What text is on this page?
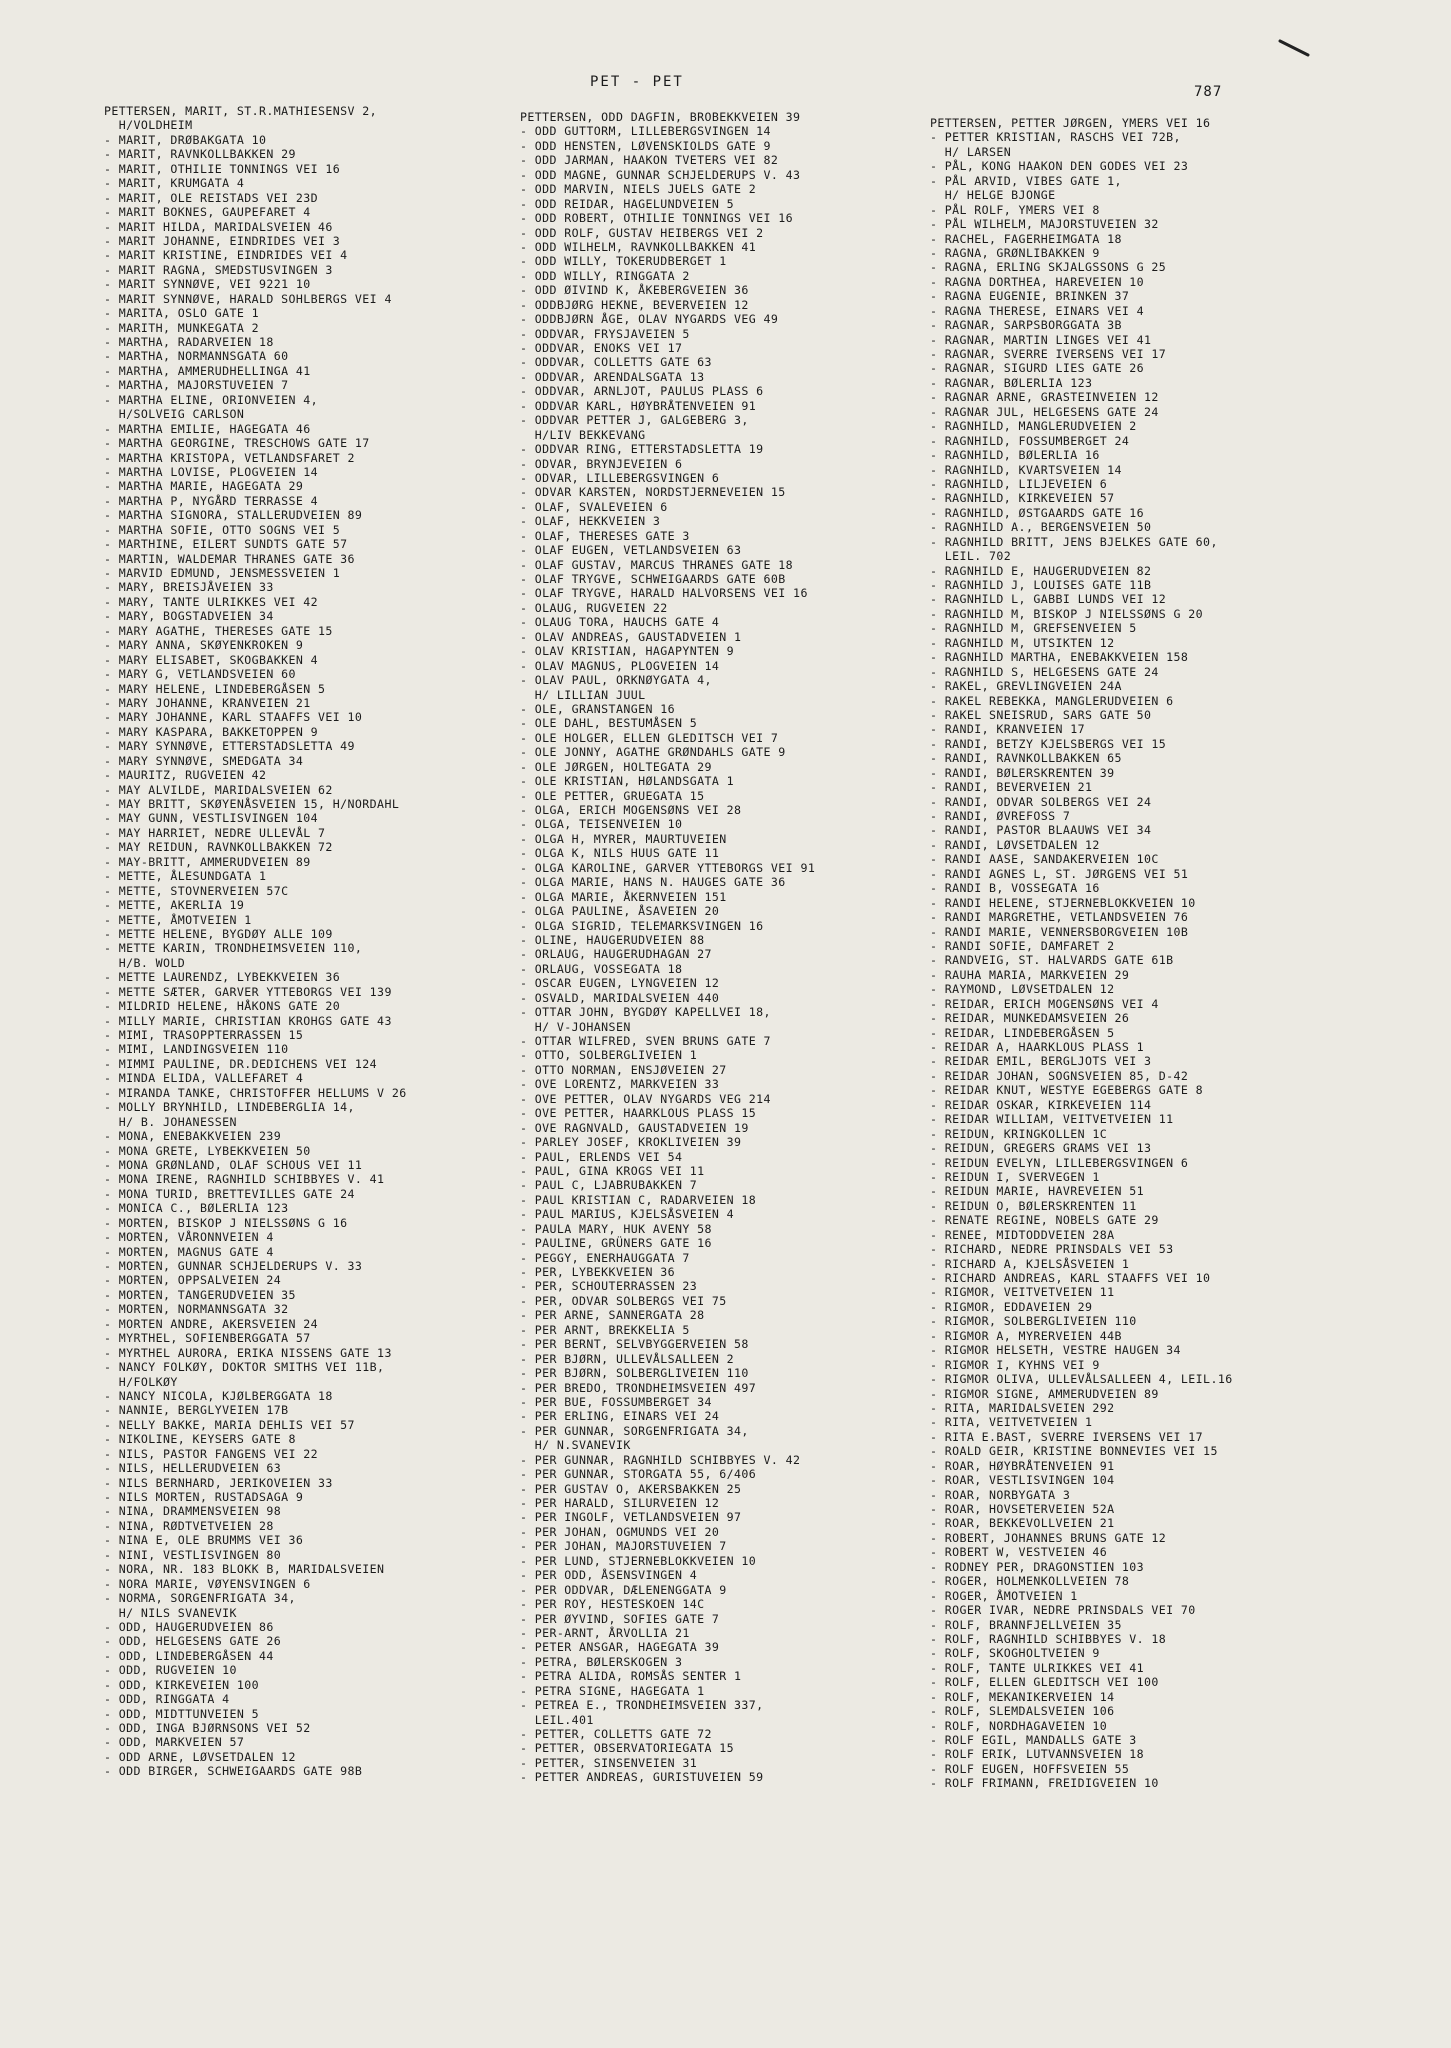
PET - PET
787
PETTERSEN, MARIT, ST.R.MATHIESENSV 2,
H/VOLDHEIM
- MARIT, DRØBAKGATA 10
- MARIT, RAVNKOLLBAKKEN 29
- MARIT, OTHILIE TONNINGS VEI 16
- MARIT, KRUMGATA 4
- MARIT, OLE REISTADS VEI 23D
- MARIT BOKNES, GAUPEFARET 4
- MARIT HILDA, MARIDALSVEIEN 46
- MARIT JOHANNE, EINDRIDES VEI 3
- MARIT KRISTINE, EINDRIDES VEI 4
- MARIT RAGNA, SMEDSTUSVINGEN 3
- MARIT SYNNØVE, VEI 9221 10
- MARIT SYNNØVE, HARALD SOHLBERGS VEI 4
- MARITA, OSLO GATE 1
- MARITH, MUNKEGATA 2
- MARTHA, RADARVEIEN 18
- MARTHA, NORMANNSGATA 60
- MARTHA, AMMERUDHELLINGA 41
- MARTHA, MAJORSTUVEIEN 7
- MARTHA ELINE, ORIONVEIEN 4,
H/SOLVEIG CARLSON
- MARTHA EMILIE, HAGEGATA 46
- MARTHA GEORGINE, TRESCHOWS GATE 17
- MARTHA KRISTOPA, VETLANDSFARET 2
- MARTHA LOVISE, PLOGVEIEN 14
- MARTHA MARIE, HAGEGATA 29
- MARTHA P, NYGÅRD TERRASSE 4
- MARTHA SIGNORA, STALLERUDVEIEN 89
- MARTHA SOFIE, OTTO SOGNS VEI 5
- MARTHINE, EILERT SUNDTS GATE 57
- MARTIN, WALDEMAR THRANES GATE 36
- MARVID EDMUND, JENSMESSVEIEN 1
- MARY, BREISJÅVEIEN 33
- MARY, TANTE ULRIKKES VEI 42
- MARY, BOGSTADVEIEN 34
- MARY AGATHE, THERESES GATE 15
- MARY ANNA, SKØYENKROKEN 9
- MARY ELISABET, SKOGBAKKEN 4
- MARY G, VETLANDSVEIEN 60
- MARY HELENE, LINDEBERGÅSEN 5
- MARY JOHANNE, KRANVEIEN 21
- MARY JOHANNE, KARL STAAFFS VEI 10
- MARY KASPARA, BAKKETOPPEN 9
- MARY SYNNØVE, ETTERSTADSLETTA 49
- MARY SYNNØVE, SMEDGATA 34
- MAURITZ, RUGVEIEN 42
- MAY ALVILDE, MARIDALSVEIEN 62
- MAY BRITT, SKØYENÅSVEIEN 15, H/NORDAHL
- MAY GUNN, VESTLISVINGEN 104
- MAY HARRIET, NEDRE ULLEVÅL 7
- MAY REIDUN, RAVNKOLLBAKKEN 72
- MAY-BRITT, AMMERUDVEIEN 89
- METTE, ÅLESUNDGATA 1
- METTE, STOVNERVEIEN 57C
- METTE, AKERLIA 19
- METTE, ÅMOTVEIEN 1
- METTE HELENE, BYGDØY ALLE 109
- METTE KARIN, TRONDHEIMSVEIEN 110,
H/B. WOLD
- METTE LAURENDZ, LYBEKKVEIEN 36
- METTE SÆTER, GARVER YTTEBORGS VEI 139
- MILDRID HELENE, HÅKONS GATE 20
- MILLY MARIE, CHRISTIAN KROHGS GATE 43
- MIMI, TRASOPPTERRASSEN 15
- MIMI, LANDINGSVEIEN 110
- MIMMI PAULINE, DR.DEDICHENS VEI 124
- MINDA ELIDA, VALLEFARET 4
- MIRANDA TANKE, CHRISTOFFER HELLUMS V 26
- MOLLY BRYNHILD, LINDEBERGLIA 14,
H/ B. JOHANESSEN
- MONA, ENEBAKKVEIEN 239
- MONA GRETE, LYBEKKVEIEN 50
- MONA GRØNLAND, OLAF SCHOUS VEI 11
- MONA IRENE, RAGNHILD SCHIBBYES V. 41
- MONA TURID, BRETTEVILLES GATE 24
- MONICA C., BØLERLIA 123
- MORTEN, BISKOP J NIELSSØNS G 16
- MORTEN, VÅRONNVEIEN 4
- MORTEN, MAGNUS GATE 4
- MORTEN, GUNNAR SCHJELDERUPS V. 33
- MORTEN, OPPSALVEIEN 24
- MORTEN, TANGERUDVEIEN 35
- MORTEN, NORMANNSGATA 32
- MORTEN ANDRE, AKERSVEIEN 24
- MYRTHEL, SOFIENBERGGATA 57
- MYRTHEL AURORA, ERIKA NISSENS GATE 13
- NANCY FOLKØY, DOKTOR SMITHS VEI 11B,
H/FOLKØY
- NANCY NICOLA, KJØLBERGGATA 18
- NANNIE, BERGLYVEIEN 17B
- NELLY BAKKE, MARIA DEHLIS VEI 57
- NIKOLINE, KEYSERS GATE 8
- NILS, PASTOR FANGENS VEI 22
- NILS, HELLERUDVEIEN 63
- NILS BERNHARD, JERIKOVEIEN 33
- NILS MORTEN, RUSTADSAGA 9
- NINA, DRAMMENSVEIEN 98
- NINA, RØDTVETVEIEN 28
- NINA E, OLE BRUMMS VEI 36
- NINI, VESTLISVINGEN 80
- NORA, NR. 183 BLOKK B, MARIDALSVEIEN
- NORA MARIE, VØYENSVINGEN 6
- NORMA, SORGENFRIGATA 34,
H/ NILS SVANEVIK
- ODD, HAUGERUDVEIEN 86
- ODD, HELGESENS GATE 26
- ODD, LINDEBERGÅSEN 44
- ODD, RUGVEIEN 10
- ODD, KIRKEVEIEN 100
- ODD, RINGGATA 4
- ODD, MIDTTUNVEIEN 5
- ODD, INGA BJØRNSONS VEI 52
- ODD, MARKVEIEN 57
- ODD ARNE, LØVSETDALEN 12
- ODD BIRGER, SCHWEIGAARDS GATE 98B
PETTERSEN, ODD DAGFIN, BROBEKKVEIEN 39
- ODD GUTTORM, LILLEBERGSVINGEN 14
- ODD HENSTEN, LØVENSKIOLDS GATE 9
- ODD JARMAN, HAAKON TVETERS VEI 82
- ODD MAGNE, GUNNAR SCHJELDERUPS V. 43
- ODD MARVIN, NIELS JUELS GATE 2
- ODD REIDAR, HAGELUNDVEIEN 5
- ODD ROBERT, OTHILIE TONNINGS VEI 16
- ODD ROLF, GUSTAV HEIBERGS VEI 2
- ODD WILHELM, RAVNKOLLBAKKEN 41
- ODD WILLY, TOKERUDBERGET 1
- ODD WILLY, RINGGATA 2
- ODD ØIVIND K, ÅKEBERGVEIEN 36
- ODDBJØRG HEKNE, BEVERVEIEN 12
- ODDBJØRN ÅGE, OLAV NYGARDS VEG 49
- ODDVAR, FRYSJAVEIEN 5
- ODDVAR, ENOKS VEI 17
- ODDVAR, COLLETTS GATE 63
- ODDVAR, ARENDALSGATA 13
- ODDVAR, ARNLJOT, PAULUS PLASS 6
- ODDVAR KARL, HØYBRÅTENVEIEN 91
- ODDVAR PETTER J, GALGEBERG 3,
H/LIV BEKKEVANG
- ODDVAR RING, ETTERSTADSLETTA 19
- ODVAR, BRYNJEVEIEN 6
- ODVAR, LILLEBERGSVINGEN 6
- ODVAR KARSTEN, NORDSTJERNEVEIEN 15
- OLAF, SVALEVEIEN 6
- OLAF, HEKKVEIEN 3
- OLAF, THERESES GATE 3
- OLAF EUGEN, VETLANDSVEIEN 63
- OLAF GUSTAV, MARCUS THRANES GATE 18
- OLAF TRYGVE, SCHWEIGAARDS GATE 60B
- OLAF TRYGVE, HARALD HALVORSENS VEI 16
- OLAUG, RUGVEIEN 22
- OLAUG TORA, HAUCHS GATE 4
- OLAV ANDREAS, GAUSTADVEIEN 1
- OLAV KRISTIAN, HAGAPYNTEN 9
- OLAV MAGNUS, PLOGVEIEN 14
- OLAV PAUL, ORKNØYGATA 4,
H/ LILLIAN JUUL
- OLE, GRANSTANGEN 16
- OLE DAHL, BESTUMÅSEN 5
- OLE HOLGER, ELLEN GLEDITSCH VEI 7
- OLE JONNY, AGATHE GRØNDAHLS GATE 9
- OLE JØRGEN, HOLTEGATA 29
- OLE KRISTIAN, HØLANDSGATA 1
- OLE PETTER, GRUEGATA 15
- OLGA, ERICH MOGENSØNS VEI 28
- OLGA, TEISENVEIEN 10
- OLGA H, MYRER, MAURTUVEIEN
- OLGA K, NILS HUUS GATE 11
- OLGA KAROLINE, GARVER YTTEBORGS VEI 91
- OLGA MARIE, HANS N. HAUGES GATE 36
- OLGA MARIE, ÅKERNVEIEN 151
- OLGA PAULINE, ÅSAVEIEN 20
- OLGA SIGRID, TELEMARKSVINGEN 16
- OLINE, HAUGERUDVEIEN 88
- ORLAUG, HAUGERUDHAGAN 27
- ORLAUG, VOSSEGATA 18
- OSCAR EUGEN, LYNGVEIEN 12
- OSVALD, MARIDALSVEIEN 440
- OTTAR JOHN, BYGDØY KAPELLVEI 18,
H/ V-JOHANSEN
- OTTAR WILFRED, SVEN BRUNS GATE 7
- OTTO, SOLBERGLIVEIEN 1
- OTTO NORMAN, ENSJØVEIEN 27
- OVE LORENTZ, MARKVEIEN 33
- OVE PETTER, OLAV NYGARDS VEG 214
- OVE PETTER, HAARKLOUS PLASS 15
- OVE RAGNVALD, GAUSTADVEIEN 19
- PARLEY JOSEF, KROKLIVEIEN 39
- PAUL, ERLENDS VEI 54
- PAUL, GINA KROGS VEI 11
- PAUL C, LJABRUBAKKEN 7
- PAUL KRISTIAN C, RADARVEIEN 18
- PAUL MARIUS, KJELSÅSVEIEN 4
- PAULA MARY, HUK AVENY 58
- PAULINE, GRÜNERS GATE 16
- PEGGY, ENERHAUGGATA 7
- PER, LYBEKKVEIEN 36
- PER, SCHOUTERRASSEN 23
- PER, ODVAR SOLBERGS VEI 75
- PER ARNE, SANNERGATA 28
- PER ARNT, BREKKELIA 5
- PER BERNT, SELVBYGGERVEIEN 58
- PER BJØRN, ULLEVÅLSALLEEN 2
- PER BJØRN, SOLBERGLIVEIEN 110
- PER BREDO, TRONDHEIMSVEIEN 497
- PER BUE, FOSSUMBERGET 34
- PER ERLING, EINARS VEI 24
- PER GUNNAR, SORGENFRIGATA 34,
H/ N.SVANEVIK
- PER GUNNAR, RAGNHILD SCHIBBYES V. 42
- PER GUNNAR, STORGATA 55, 6/406
- PER GUSTAV O, AKERSBAKKEN 25
- PER HARALD, SILURVEIEN 12
- PER INGOLF, VETLANDSVEIEN 97
- PER JOHAN, OGMUNDS VEI 20
- PER JOHAN, MAJORSTUVEIEN 7
- PER LUND, STJERNEBLOKKVEIEN 10
- PER ODD, ÅSENSVINGEN 4
- PER ODDVAR, DÆLENENGGATA 9
- PER ROY, HESTESKOEN 14C
- PER ØYVIND, SOFIES GATE 7
- PER-ARNT, ÅRVOLLIA 21
- PETER ANSGAR, HAGEGATA 39
- PETRA, BØLERSKOGEN 3
- PETRA ALIDA, ROMSÅS SENTER 1
- PETRA SIGNE, HAGEGATA 1
- PETREA E., TRONDHEIMSVEIEN 337,
LEIL.401
- PETTER, COLLETTS GATE 72
- PETTER, OBSERVATORIEGATA 15
- PETTER, SINSENVEIEN 31
- PETTER ANDREAS, GURISTUVEIEN 59
PETTERSEN, PETTER JØRGEN, YMERS VEI 16
- PETTER KRISTIAN, RASCHS VEI 72B,
H/ LARSEN
- PÅL, KONG HAAKON DEN GODES VEI 23
- PÅL ARVID, VIBES GATE 1,
H/ HELGE BJONGE
- PÅL ROLF, YMERS VEI 8
- PÅL WILHELM, MAJORSTUVEIEN 32
- RACHEL, FAGERHEIMGATA 18
- RAGNA, GRØNLIBAKKEN 9
- RAGNA, ERLING SKJALGSSONS G 25
- RAGNA DORTHEA, HAREVEIEN 10
- RAGNA EUGENIE, BRINKEN 37
- RAGNA THERESE, EINARS VEI 4
- RAGNAR, SARPSBORGGATA 3B
- RAGNAR, MARTIN LINGES VEI 41
- RAGNAR, SVERRE IVERSENS VEI 17
- RAGNAR, SIGURD LIES GATE 26
- RAGNAR, BØLERLIA 123
- RAGNAR ARNE, GRASTEINVEIEN 12
- RAGNAR JUL, HELGESENS GATE 24
- RAGNHILD, MANGLERUDVEIEN 2
- RAGNHILD, FOSSUMBERGET 24
- RAGNHILD, BØLERLIA 16
- RAGNHILD, KVARTSVEIEN 14
- RAGNHILD, LILJEVEIEN 6
- RAGNHILD, KIRKEVEIEN 57
- RAGNHILD, ØSTGAARDS GATE 16
- RAGNHILD A., BERGENSVEIEN 50
- RAGNHILD BRITT, JENS BJELKES GATE 60,
LEIL. 702
- RAGNHILD E, HAUGERUDVEIEN 82
- RAGNHILD J, LOUISES GATE 11B
- RAGNHILD L, GABBI LUNDS VEI 12
- RAGNHILD M, BISKOP J NIELSSØNS G 20
- RAGNHILD M, GREFSENVEIEN 5
- RAGNHILD M, UTSIKTEN 12
- RAGNHILD MARTHA, ENEBAKKVEIEN 158
- RAGNHILD S, HELGESENS GATE 24
- RAKEL, GREVLINGVEIEN 24A
- RAKEL REBEKKA, MANGLERUDVEIEN 6
- RAKEL SNEISRUD, SARS GATE 50
- RANDI, KRANVEIEN 17
- RANDI, BETZY KJELSBERGS VEI 15
- RANDI, RAVNKOLLBAKKEN 65
- RANDI, BØLERSKRENTEN 39
- RANDI, BEVERVEIEN 21
- RANDI, ODVAR SOLBERGS VEI 24
- RANDI, ØVREFOSS 7
- RANDI, PASTOR BLAAUWS VEI 34
- RANDI, LØVSETDALEN 12
- RANDI AASE, SANDAKERVEIEN 10C
- RANDI AGNES L, ST. JØRGENS VEI 51
- RANDI B, VOSSEGATA 16
- RANDI HELENE, STJERNEBLOKKVEIEN 10
- RANDI MARGRETHE, VETLANDSVEIEN 76
- RANDI MARIE, VENNERSBORGVEIEN 10B
- RANDI SOFIE, DAMFARET 2
- RANDVEIG, ST. HALVARDS GATE 61B
- RAUHA MARIA, MARKVEIEN 29
- RAYMOND, LØVSETDALEN 12
- REIDAR, ERICH MOGENSØNS VEI 4
- REIDAR, MUNKEDAMSVEIEN 26
- REIDAR, LINDEBERGÅSEN 5
- REIDAR A, HAARKLOUS PLASS 1
- REIDAR EMIL, BERGLJOTS VEI 3
- REIDAR JOHAN, SOGNSVEIEN 85, D-42
- REIDAR KNUT, WESTYE EGEBERGS GATE 8
- REIDAR OSKAR, KIRKEVEIEN 114
- REIDAR WILLIAM, VEITVETVEIEN 11
- REIDUN, KRINGKOLLEN 1C
- REIDUN, GREGERS GRAMS VEI 13
- REIDUN EVELYN, LILLEBERGSVINGEN 6
- REIDUN I, SVERVEGEN 1
- REIDUN MARIE, HAVREVEIEN 51
- REIDUN O, BØLERSKRENTEN 11
- RENATE REGINE, NOBELS GATE 29
- RENEE, MIDTODDVEIEN 28A
- RICHARD, NEDRE PRINSDALS VEI 53
- RICHARD A, KJELSÅSVEIEN 1
- RICHARD ANDREAS, KARL STAAFFS VEI 10
- RIGMOR, VEITVETVEIEN 11
- RIGMOR, EDDAVEIEN 29
- RIGMOR, SOLBERGLIVEIEN 110
- RIGMOR A, MYRERVEIEN 44B
- RIGMOR HELSETH, VESTRE HAUGEN 34
- RIGMOR I, KYHNS VEI 9
- RIGMOR OLIVA, ULLEVÅLSALLEEN 4, LEIL.16
- RIGMOR SIGNE, AMMERUDVEIEN 89
- RITA, MARIDALSVEIEN 292
- RITA, VEITVETVEIEN 1
- RITA E.BAST, SVERRE IVERSENS VEI 17
- ROALD GEIR, KRISTINE BONNEVIES VEI 15
- ROAR, HØYBRÅTENVEIEN 91
- ROAR, VESTLISVINGEN 104
- ROAR, NORBYGATA 3
- ROAR, HOVSETERVEIEN 52A
- ROAR, BEKKEVOLLVEIEN 21
- ROBERT, JOHANNES BRUNS GATE 12
- ROBERT W, VESTVEIEN 46
- RODNEY PER, DRAGONSTIEN 103
- ROGER, HOLMENKOLLVEIEN 78
- ROGER, ÅMOTVEIEN 1
- ROGER IVAR, NEDRE PRINSDALS VEI 70
- ROLF, BRANNFJELLVEIEN 35
- ROLF, RAGNHILD SCHIBBYES V. 18
- ROLF, SKOGHOLTVEIEN 9
- ROLF, TANTE ULRIKKES VEI 41
- ROLF, ELLEN GLEDITSCH VEI 100
- ROLF, MEKANIKERVEIEN 14
- ROLF, SLEMDALSVEIEN 106
- ROLF, NORDHAGAVEIEN 10
- ROLF EGIL, MANDALLS GATE 3
- ROLF ERIK, LUTVANNSVEIEN 18
- ROLF EUGEN, HOFFSVEIEN 55
- ROLF FRIMANN, FREIDIGVEIEN 10
